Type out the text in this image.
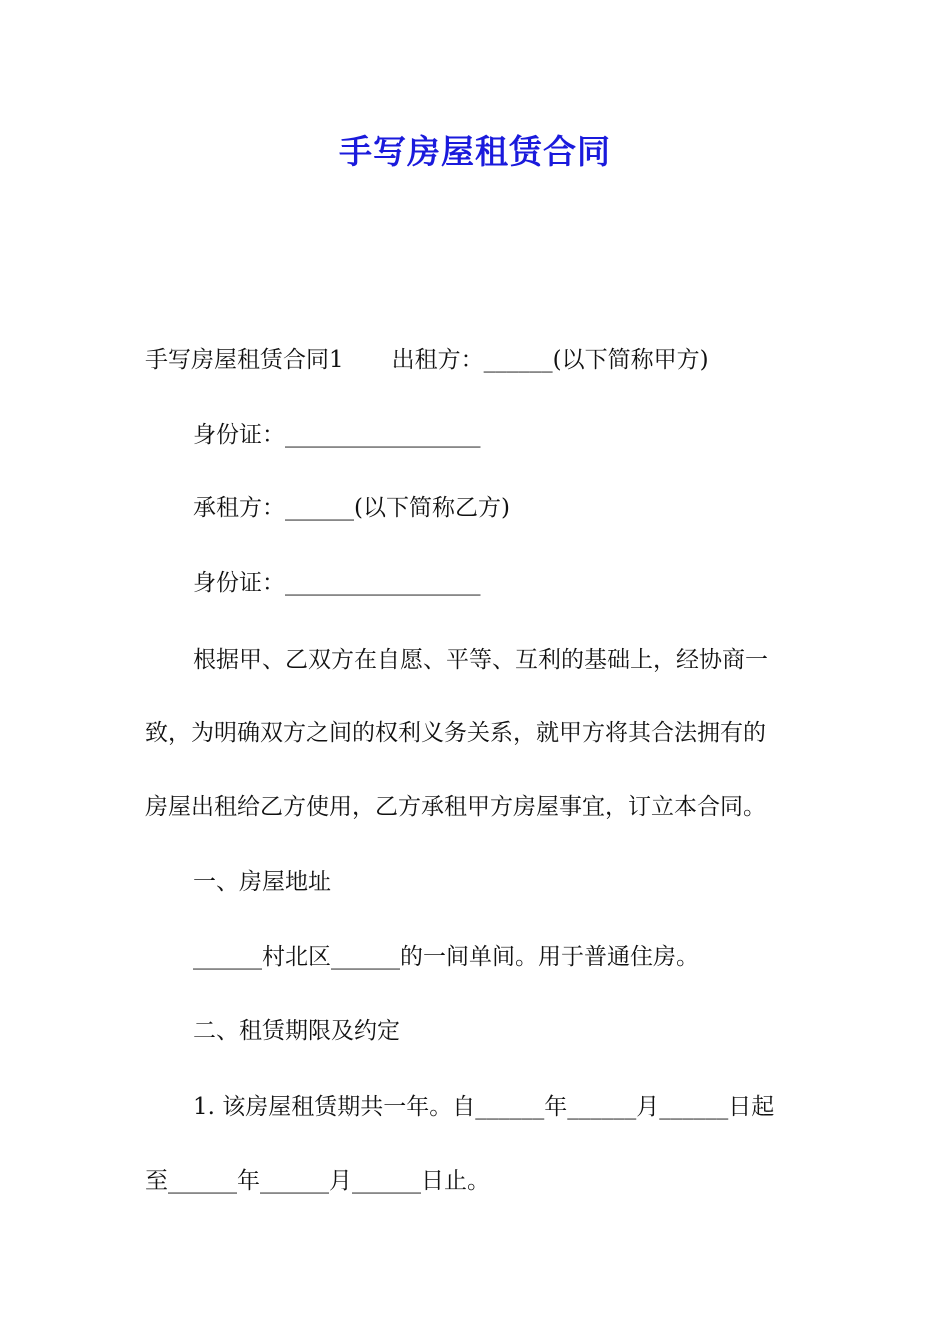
手写房屋租赁合同
手写房屋租赁合同1 出租方：______(以下简称甲方)
身份证：_________________
承租方：______(以下简称乙方)
身份证：_________________
根据甲、乙双方在自愿、平等、互利的基础上，经协商一
致，为明确双方之间的权利义务关系，就甲方将其合法拥有的
房屋出租给乙方使用，乙方承租甲方房屋事宜，订立本合同。
一、房屋地址
______村北区______的一间单间。用于普通住房。
二、租赁期限及约定
1. 该房屋租赁期共一年。自______年______月______日起
至______年______月______日止。
